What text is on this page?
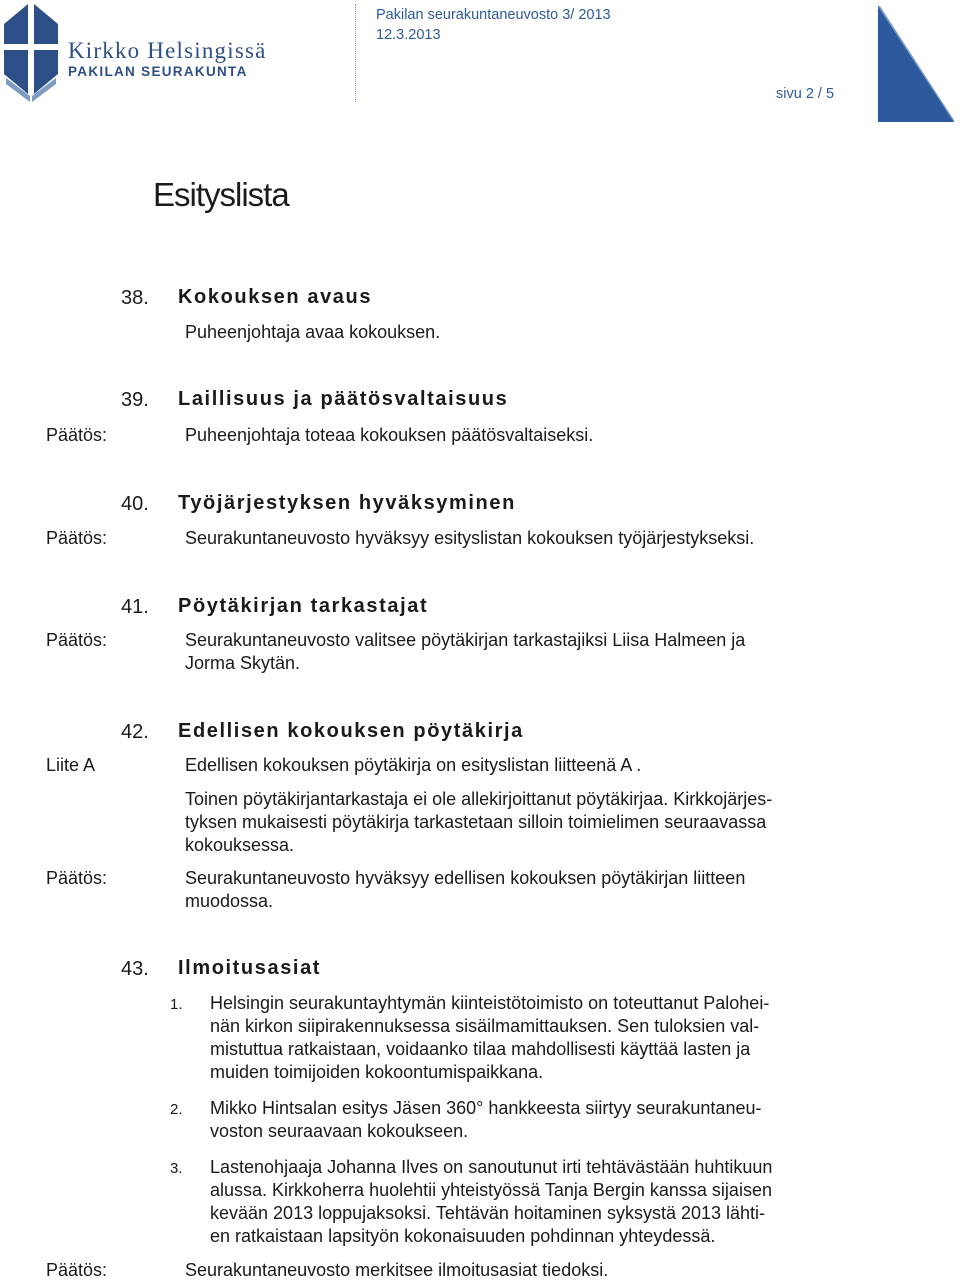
Kirkko Helsingissä
PAKILAN SEURAKUNTA
Pakilan seurakuntaneuvosto 3/ 2013
12.3.2013
sivu 2 / 5
Esityslista
38. Kokouksen avaus
Puheenjohtaja avaa kokouksen.
39. Laillisuus ja päätösvaltaisuus
Päätös:	Puheenjohtaja toteaa kokouksen päätösvaltaiseksi.
40. Työjärjestyksen hyväksyminen
Päätös:	Seurakuntaneuvosto hyväksyy esityslistan kokouksen työjärjestykseksi.
41. Pöytäkirjan tarkastajat
Päätös:	Seurakuntaneuvosto valitsee pöytäkirjan tarkastajiksi Liisa Halmeen ja
Jorma Skytän.
42. Edellisen kokouksen pöytäkirja
Liite A	Edellisen kokouksen pöytäkirja on esityslistan liitteenä A .
Toinen pöytäkirjantarkastaja ei ole allekirjoittanut pöytäkirjaa. Kirkkojärjes-
tyksen mukaisesti pöytäkirja tarkastetaan silloin toimielimen seuraavassa
kokouksessa.
Päätös:	Seurakuntaneuvosto hyväksyy edellisen kokouksen pöytäkirjan liitteen
muodossa.
43. Ilmoitusasiat
1. Helsingin seurakuntayhtymän kiinteistötoimisto on toteuttanut Palohei-
nän kirkon siipirakennuksessa sisäilmamittauksen. Sen tuloksien val-
mistuttua ratkaistaan, voidaanko tilaa mahdollisesti käyttää lasten ja
muiden toimijoiden kokoontumispaikkana.
2. Mikko Hintsalan esitys Jäsen 360° hankkeesta siirtyy seurakuntaneu-
voston seuraavaan kokoukseen.
3. Lastenohjaaja Johanna Ilves on sanoutunut irti tehtävästään huhtikuun
alussa. Kirkkoherra huolehtii yhteistyössä Tanja Bergin kanssa sijaisen
kevään 2013 loppujaksoksi. Tehtävän hoitaminen syksystä 2013 lähti-
en ratkaistaan lapsityön kokonaisuuden pohdinnan yhteydessä.
Päätös:	Seurakuntaneuvosto merkitsee ilmoitusasiat tiedoksi.
